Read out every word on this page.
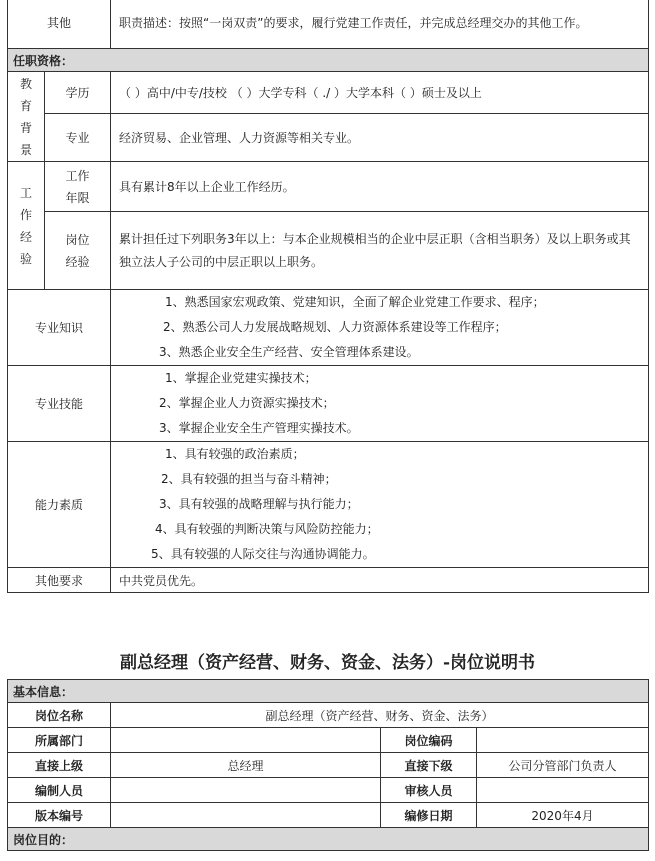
其他		职责描述：按照“一岗双责”的要求，履行党建工作责任，并完成总经理交办的其他工作。
任职资格：		

教育背景	学历	（ ）高中/中专/技校 （ ）大学专科（ ./ ）大学本科（ ）硕士及以上
	专业	经济贸易、企业管理、人力资源等相关专业。

工作经验	工作年限	具有累计8年以上企业工作经历。

	岗位经验	累计担任过下列职务3年以上：与本企业规模相当的企业中层正职（含相当职务）及以上职务或其独立法人子公司的中层正职以上职务。
专业知识		1、熟悉国家宏观政策、党建知识，全面了解企业党建工作要求、程序；
2、熟悉公司人力发展战略规划、人力资源体系建设等工作程序；
3、熟悉企业安全生产经营、安全管理体系建设。

专业技能		1、掌握企业党建实操技术；
2、掌握企业人力资源实操技术；
3、掌握企业安全生产管理实操技术。

能力素质		1、具有较强的政治素质；
2、具有较强的担当与奋斗精神；
3、具有较强的战略理解与执行能力；
4、具有较强的判断决策与风险防控能力；
5、具有较强的人际交往与沟通协调能力。

其他要求		中共党员优先。
副总经理（资产经营、财务、资金、法务）-岗位说明书
基本信息：			
岗位名称	副总经理（资产经营、财务、资金、法务）		
所属部门		岗位编码	
直接上级	总经理	直接下级	公司分管部门负责人
编制人员		审核人员	
版本编号		编修日期	2020年4月
岗位目的：			
